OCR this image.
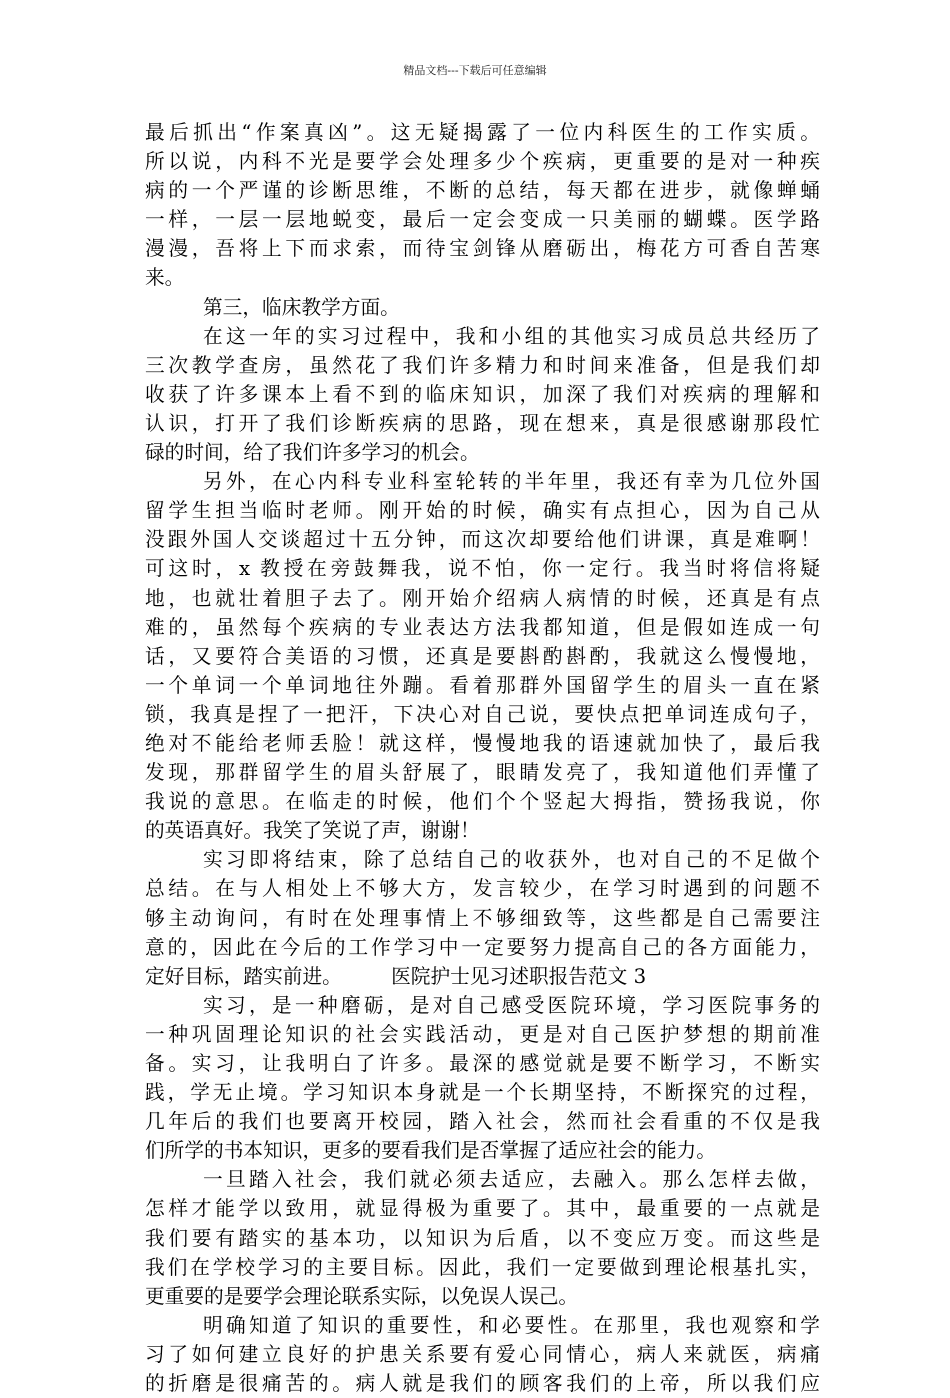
精品文档---下载后可任意编辑
最后抓出“作案真凶”。这无疑揭露了一位内科医生的工作实质。
所以说，内科不光是要学会处理多少个疾病，更重要的是对一种疾
病的一个严谨的诊断思维，不断的总结，每天都在进步，就像蝉蛹
一样，一层一层地蜕变，最后一定会变成一只美丽的蝴蝶。医学路
漫漫，吾将上下而求索，而待宝剑锋从磨砺出，梅花方可香自苦寒
来。
第三，临床教学方面。
在这一年的实习过程中，我和小组的其他实习成员总共经历了
三次教学查房，虽然花了我们许多精力和时间来准备，但是我们却
收获了许多课本上看不到的临床知识，加深了我们对疾病的理解和
认识，打开了我们诊断疾病的思路，现在想来，真是很感谢那段忙
碌的时间，给了我们许多学习的机会。
另外，在心内科专业科室轮转的半年里，我还有幸为几位外国
留学生担当临时老师。刚开始的时候，确实有点担心，因为自己从
没跟外国人交谈超过十五分钟，而这次却要给他们讲课，真是难啊！
可这时，x 教授在旁鼓舞我，说不怕，你一定行。我当时将信将疑
地，也就壮着胆子去了。刚开始介绍病人病情的时候，还真是有点
难的，虽然每个疾病的专业表达方法我都知道，但是假如连成一句
话，又要符合美语的习惯，还真是要斟酌斟酌，我就这么慢慢地，
一个单词一个单词地往外蹦。看着那群外国留学生的眉头一直在紧
锁，我真是捏了一把汗，下决心对自己说，要快点把单词连成句子，
绝对不能给老师丢脸！就这样，慢慢地我的语速就加快了，最后我
发现，那群留学生的眉头舒展了，眼睛发亮了，我知道他们弄懂了
我说的意思。在临走的时候，他们个个竖起大拇指，赞扬我说，你
的英语真好。我笑了笑说了声，谢谢！
实习即将结束，除了总结自己的收获外，也对自己的不足做个
总结。在与人相处上不够大方，发言较少，在学习时遇到的问题不
够主动询问，有时在处理事情上不够细致等，这些都是自己需要注
意的，因此在今后的工作学习中一定要努力提高自己的各方面能力，
定好目标，踏实前进。　　　医院护士见习述职报告范文 3
实习，是一种磨砺，是对自己感受医院环境，学习医院事务的
一种巩固理论知识的社会实践活动，更是对自己医护梦想的期前准
备。实习，让我明白了许多。最深的感觉就是要不断学习，不断实
践，学无止境。学习知识本身就是一个长期坚持，不断探究的过程，
几年后的我们也要离开校园，踏入社会，然而社会看重的不仅是我
们所学的书本知识，更多的要看我们是否掌握了适应社会的能力。
一旦踏入社会，我们就必须去适应，去融入。那么怎样去做，
怎样才能学以致用，就显得极为重要了。其中，最重要的一点就是
我们要有踏实的基本功，以知识为后盾，以不变应万变。而这些是
我们在学校学习的主要目标。因此，我们一定要做到理论根基扎实，
更重要的是要学会理论联系实际，以免误人误己。
明确知道了知识的重要性，和必要性。在那里，我也观察和学
习了如何建立良好的护患关系要有爱心同情心，病人来就医，病痛
的折磨是很痛苦的。病人就是我们的顾客我们的上帝，所以我们应
